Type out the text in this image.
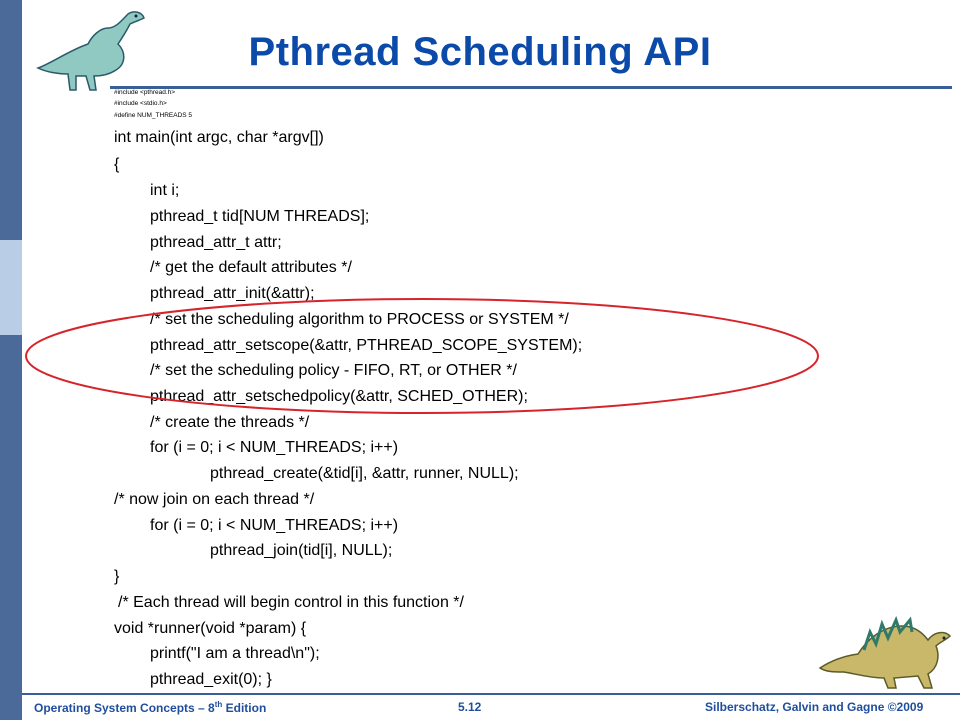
Pthread Scheduling API
#include <pthread.h>
#include <stdio.h>
#define NUM_THREADS 5
int main(int argc, char *argv[])
{
int i;
pthread_t tid[NUM THREADS];
pthread_attr_t attr;
/* get the default attributes */
pthread_attr_init(&attr);
/* set the scheduling algorithm to PROCESS or SYSTEM */
pthread_attr_setscope(&attr, PTHREAD_SCOPE_SYSTEM);
/* set the scheduling policy - FIFO, RT, or OTHER */
pthread_attr_setschedpolicy(&attr, SCHED_OTHER);
/* create the threads */
for (i = 0; i < NUM_THREADS; i++)
pthread_create(&tid[i], &attr, runner, NULL);
/* now join on each thread */
for (i = 0; i < NUM_THREADS; i++)
pthread_join(tid[i], NULL);
}
/* Each thread will begin control in this function */
void *runner(void *param) {
printf("I am a thread\n");
pthread_exit(0); }
Operating System Concepts – 8th Edition	5.12	Silberschatz, Galvin and Gagne ©2009
